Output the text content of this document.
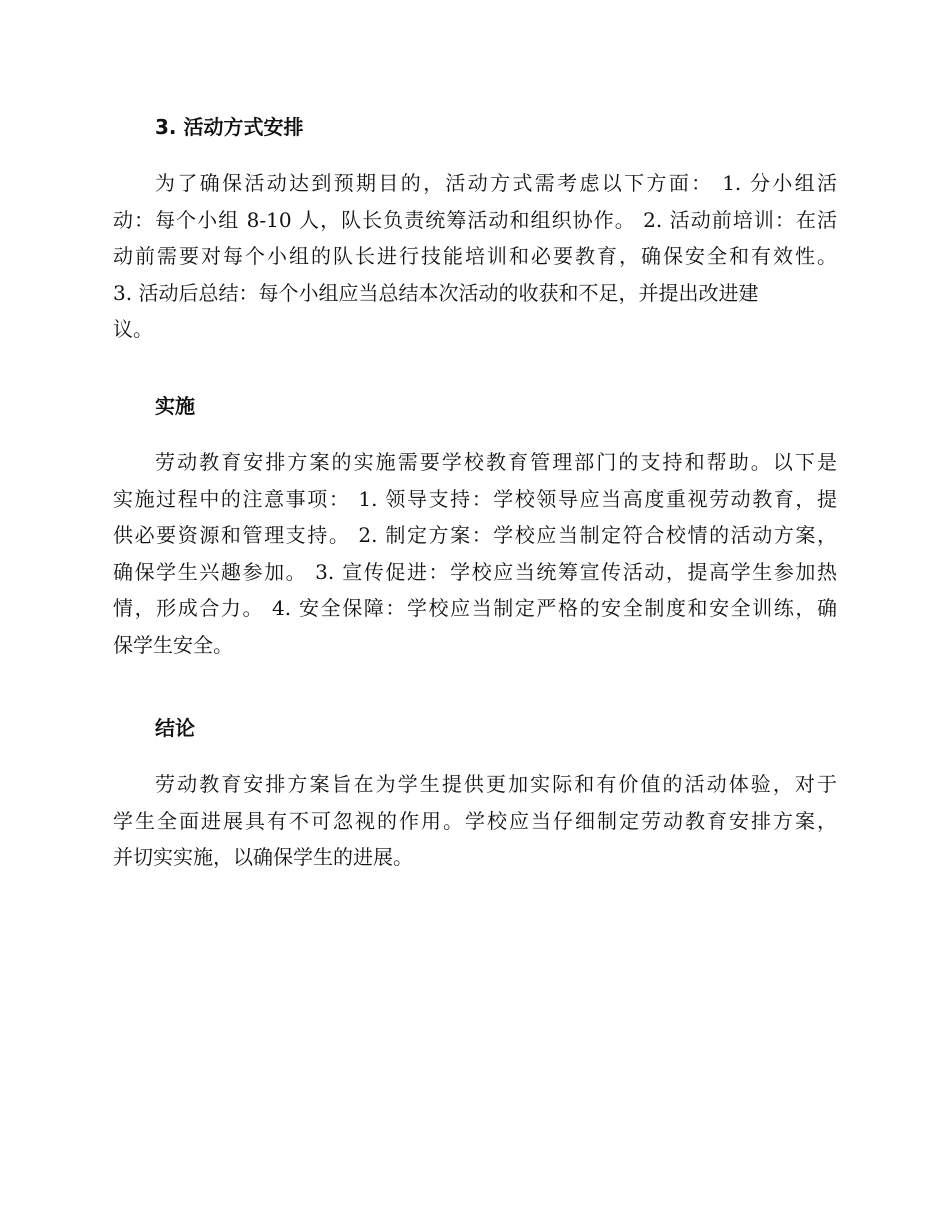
3. 活动方式安排
为了确保活动达到预期目的，活动方式需考虑以下方面： 1. 分小组活
动：每个小组 8-10 人，队长负责统筹活动和组织协作。 2. 活动前培训：在活
动前需要对每个小组的队长进行技能培训和必要教育，确保安全和有效性。
3. 活动后总结：每个小组应当总结本次活动的收获和不足，并提出改进建
议。
实施
劳动教育安排方案的实施需要学校教育管理部门的支持和帮助。以下是
实施过程中的注意事项： 1. 领导支持：学校领导应当高度重视劳动教育，提
供必要资源和管理支持。 2. 制定方案：学校应当制定符合校情的活动方案，
确保学生兴趣参加。 3. 宣传促进：学校应当统筹宣传活动，提高学生参加热
情，形成合力。 4. 安全保障：学校应当制定严格的安全制度和安全训练，确
保学生安全。
结论
劳动教育安排方案旨在为学生提供更加实际和有价值的活动体验，对于
学生全面进展具有不可忽视的作用。学校应当仔细制定劳动教育安排方案，
并切实实施，以确保学生的进展。
